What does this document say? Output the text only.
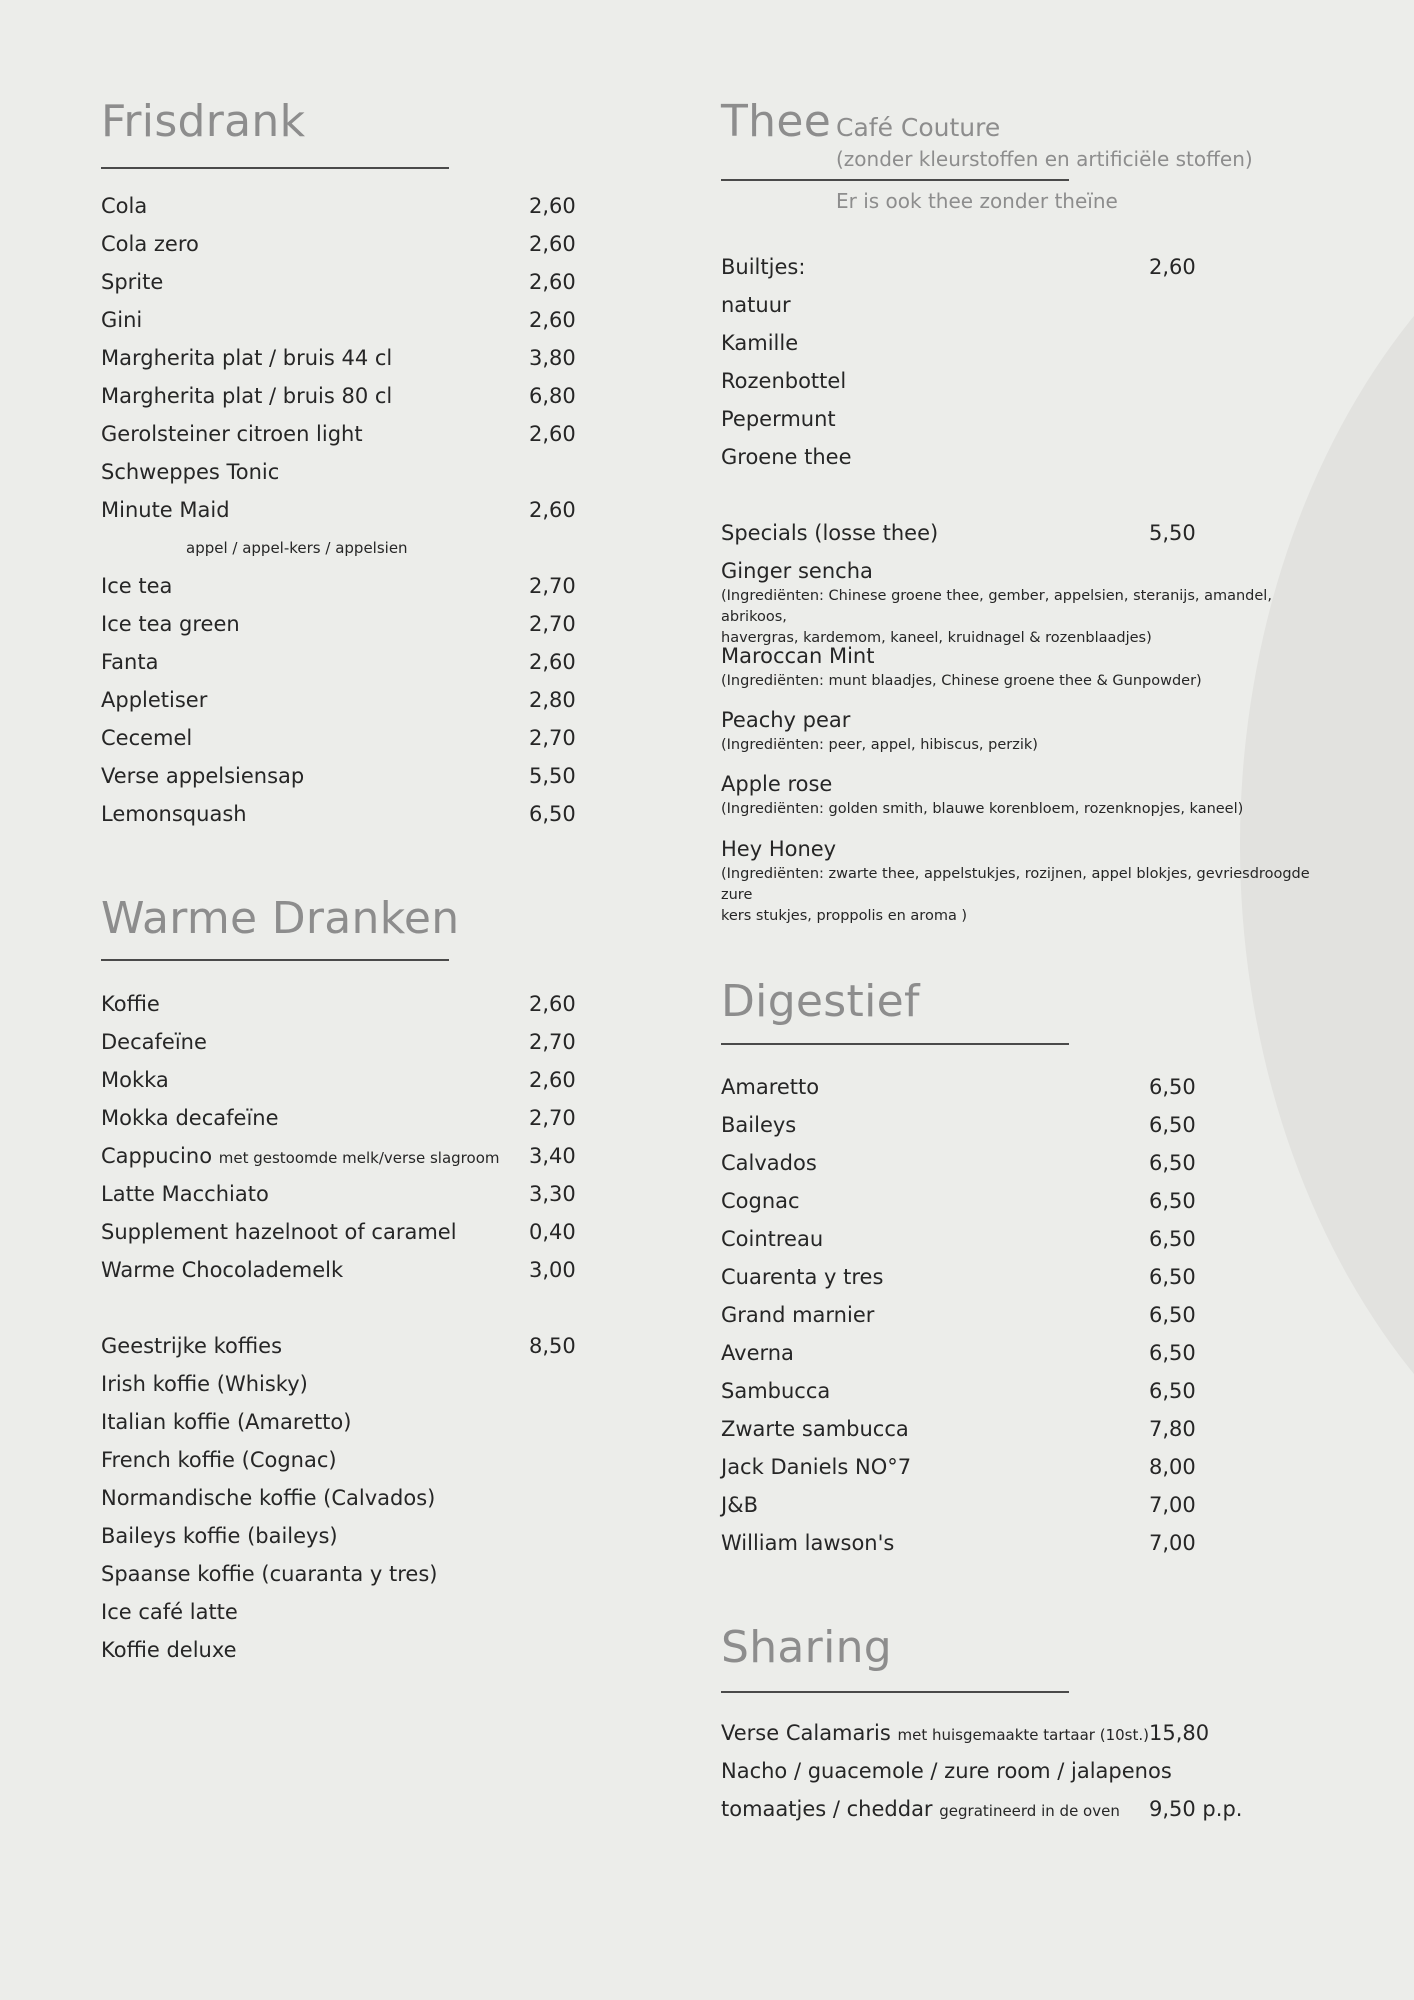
Frisdrank
Cola	2,60
Cola zero	2,60
Sprite	2,60
Gini	2,60
Margherita plat / bruis 44 cl	3,80
Margherita plat / bruis 80 cl	6,80
Gerolsteiner citroen light	2,60
Schweppes Tonic
Minute Maid	2,60
appel / appel-kers / appelsien
Ice tea	2,70
Ice tea green	2,70
Fanta	2,60
Appletiser	2,80
Cecemel	2,70
Verse appelsiensap	5,50
Lemonsquash	6,50
Warme Dranken
Koffie	2,60
Decafeïne	2,70
Mokka	2,60
Mokka decafeïne	2,70
Cappucino met gestoomde melk/verse slagroom 3,40
Latte Macchiato	3,30
Supplement hazelnoot of caramel	0,40
Warme Chocolademelk	3,00
Geestrijke koffies	8,50
Irish koffie (Whisky)
Italian koffie (Amaretto)
French koffie (Cognac)
Normandische koffie (Calvados)
Baileys koffie (baileys)
Spaanse koffie (cuaranta y tres)
Ice café latte
Koffie deluxe
Thee Café Couture
(zonder kleurstoffen en artificiële stoffen)
Er is ook thee zonder theïne
Builtjes:	2,60
natuur
Kamille
Rozenbottel
Pepermunt
Groene thee
Specials (losse thee)	5,50
Ginger sencha
(Ingrediënten: Chinese groene thee, gember, appelsien, steranijs, amandel, abrikoos,
havergras, kardemom, kaneel, kruidnagel & rozenblaadjes)
Maroccan Mint
(Ingrediënten: munt blaadjes, Chinese groene thee & Gunpowder)
Peachy pear
(Ingrediënten: peer, appel, hibiscus, perzik)
Apple rose
(Ingrediënten: golden smith, blauwe korenbloem, rozenknopjes, kaneel)
Hey Honey
(Ingrediënten: zwarte thee, appelstukjes, rozijnen, appel blokjes, gevriesdroogde zure
kers stukjes, proppolis en aroma )
Digestief
Amaretto	6,50
Baileys	6,50
Calvados	6,50
Cognac	6,50
Cointreau	6,50
Cuarenta y tres	6,50
Grand marnier	6,50
Averna	6,50
Sambucca	6,50
Zwarte sambucca	7,80
Jack Daniels NO°7	8,00
J&B	7,00
William lawson's	7,00
Sharing
Verse Calamaris met huisgemaakte tartaar (10st.) 15,80
Nacho / guacemole / zure room / jalapenos
tomaatjes / cheddar gegratineerd in de oven 9,50 p.p.
